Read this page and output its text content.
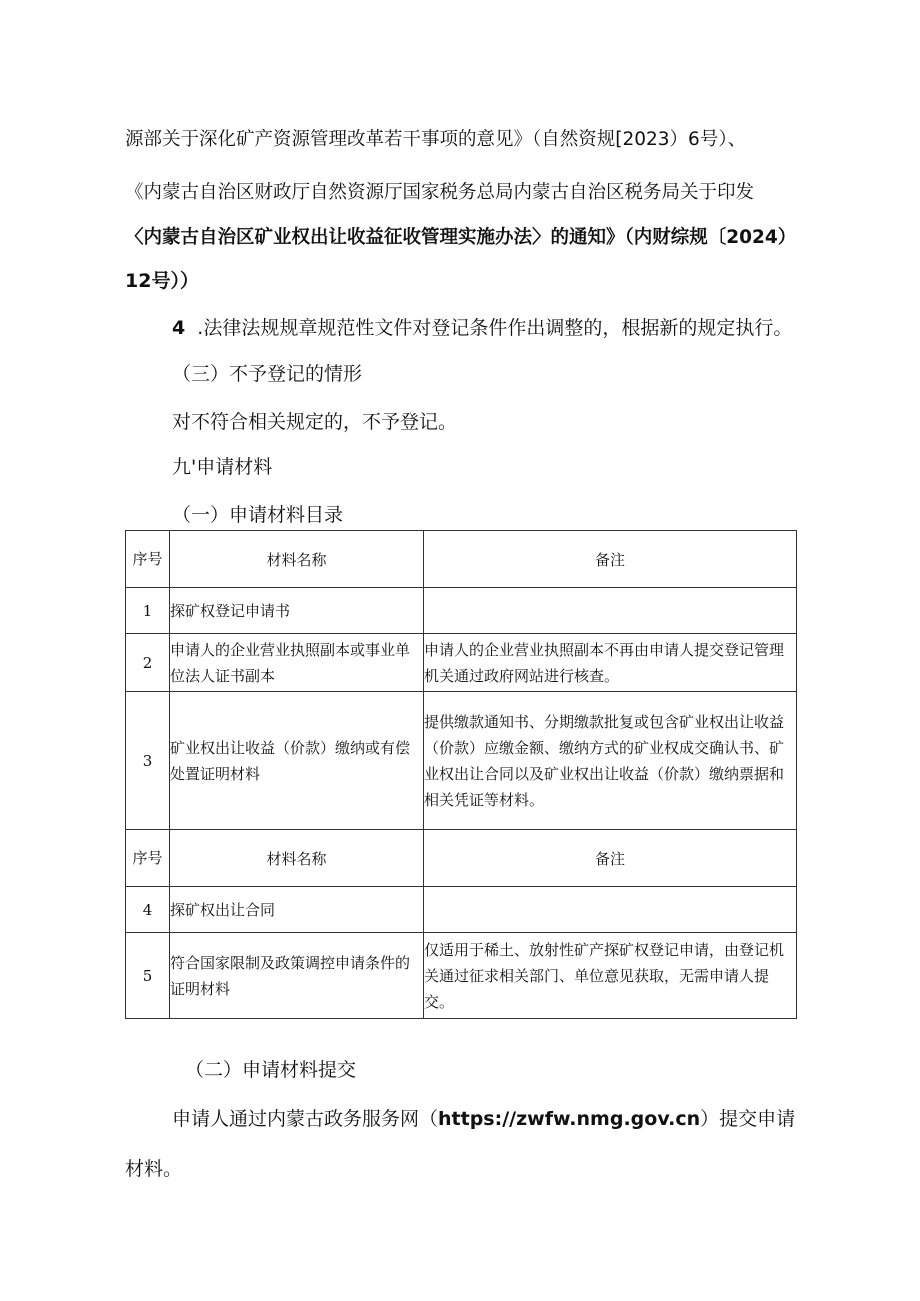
源部关于深化矿产资源管理改革若干事项的意见》（自然资规[2023）6号）、
《内蒙古自治区财政厅自然资源厅国家税务总局内蒙古自治区税务局关于印发
〈内蒙古自治区矿业权出让收益征收管理实施办法〉的通知》（内财综规〔2024）
12号））
4 .法律法规规章规范性文件对登记条件作出调整的，根据新的规定执行。
（三）不予登记的情形
对不符合相关规定的，不予登记。
九'申请材料
（一）申请材料目录
序号	材料名称	备注
1	探矿权登记申请书	
2	申请人的企业营业执照副本或事业单位法人证书副本	申请人的企业营业执照副本不再由申请人提交登记管理机关通过政府网站进行核查。
3	矿业权出让收益（价款）缴纳或有偿处置证明材料	提供缴款通知书、分期缴款批复或包含矿业权出让收益（价款）应缴金额、缴纳方式的矿业权成交确认书、矿业权出让合同以及矿业权出让收益（价款）缴纳票据和相关凭证等材料。
序号	材料名称	备注
4	探矿权出让合同	
5	符合国家限制及政策调控申请条件的证明材料	仅适用于稀土、放射性矿产探矿权登记申请，由登记机关通过征求相关部门、单位意见获取，无需申请人提交。
（二）申请材料提交
申请人通过内蒙古政务服务网（https://zwfw.nmg.gov.cn）提交申请
材料。
